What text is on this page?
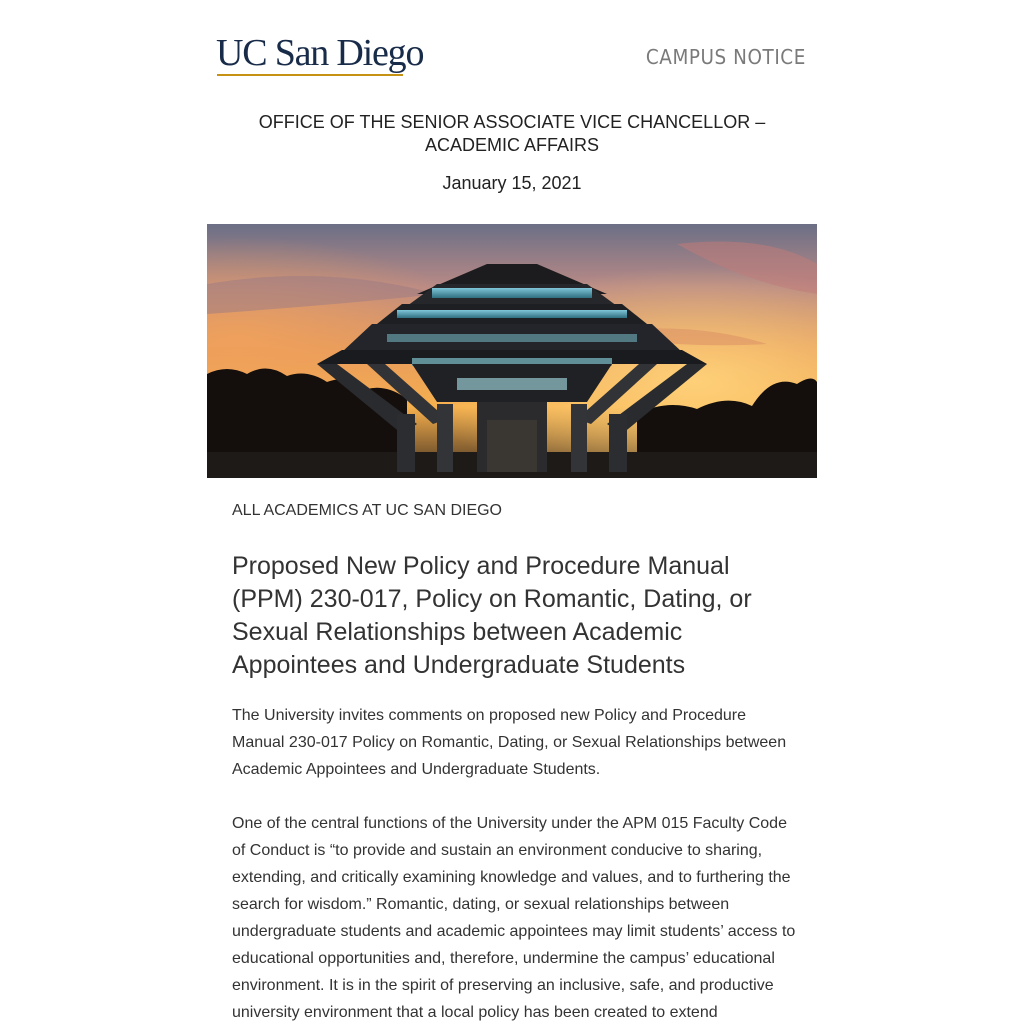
UC San Diego	CAMPUS NOTICE
OFFICE OF THE SENIOR ASSOCIATE VICE CHANCELLOR –
ACADEMIC AFFAIRS
January 15, 2021
ALL ACADEMICS AT UC SAN DIEGO
Proposed New Policy and Procedure Manual (PPM) 230-017, Policy on Romantic, Dating, or Sexual Relationships between Academic Appointees and Undergraduate Students

The University invites comments on proposed new Policy and Procedure Manual 230-017 Policy on Romantic, Dating, or Sexual Relationships between Academic Appointees and Undergraduate Students.

One of the central functions of the University under the APM 015 Faculty Code of Conduct is “to provide and sustain an environment conducive to sharing, extending, and critically examining knowledge and values, and to furthering the search for wisdom.” Romantic, dating, or sexual relationships between undergraduate students and academic appointees may limit students’ access to educational opportunities and, therefore, undermine the campus’ educational environment. It is in the spirit of preserving an inclusive, safe, and productive university environment that a local policy has been created to extend
